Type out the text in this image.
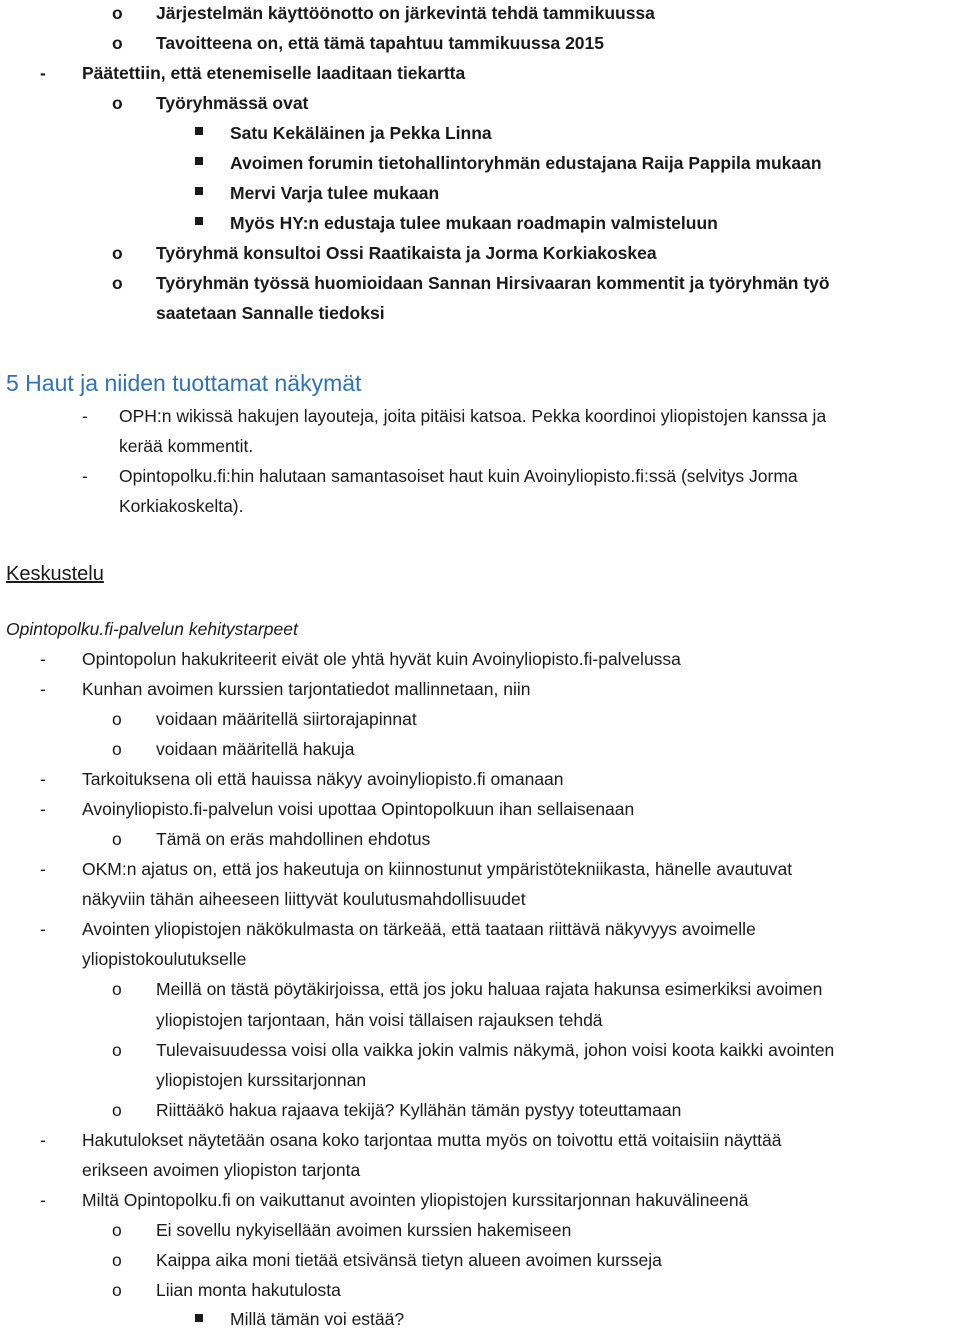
o Järjestelmän käyttöönotto on järkevintä tehdä tammikuussa
o Tavoitteena on, että tämä tapahtuu tammikuussa 2015
- Päätettiin, että etenemiselle laaditaan tiekartta
o Työryhmässä ovat
Satu Kekäläinen ja Pekka Linna
Avoimen forumin tietohallintoryhmän edustajana Raija Pappila mukaan
Mervi Varja tulee mukaan
Myös HY:n edustaja tulee mukaan roadmapin valmisteluun
o Työryhmä konsultoi Ossi Raatikaista ja Jorma Korkiakoskea
o Työryhmän työssä huomioidaan Sannan Hirsivaaran kommentit ja työryhmän työ
saatetaan Sannalle tiedoksi
5 Haut ja niiden tuottamat näkymät
- OPH:n wikissä hakujen layouteja, joita pitäisi katsoa. Pekka koordinoi yliopistojen kanssa ja
kerää kommentit.
- Opintopolku.fi:hin halutaan samantasoiset haut kuin Avoinyliopisto.fi:ssä (selvitys Jorma
Korkiakoskelta).
Keskustelu
Opintopolku.fi-palvelun kehitystarpeet
- Opintopolun hakukriteerit eivät ole yhtä hyvät kuin Avoinyliopisto.fi-palvelussa
- Kunhan avoimen kurssien tarjontatiedot mallinnetaan, niin
o voidaan määritellä siirtorajapinnat
o voidaan määritellä hakuja
- Tarkoituksena oli että hauissa näkyy avoinyliopisto.fi omanaan
- Avoinyliopisto.fi-palvelun voisi upottaa Opintopolkuun ihan sellaisenaan
o Tämä on eräs mahdollinen ehdotus
- OKM:n ajatus on, että jos hakeutuja on kiinnostunut ympäristötekniikasta, hänelle avautuvat
näkyviin tähän aiheeseen liittyvät koulutusmahdollisuudet
- Avointen yliopistojen näkökulmasta on tärkeää, että taataan riittävä näkyvyys avoimelle
yliopistokoulutukselle
o Meillä on tästä pöytäkirjoissa, että jos joku haluaa rajata hakunsa esimerkiksi avoimen
yliopistojen tarjontaan, hän voisi tällaisen rajauksen tehdä
o Tulevaisuudessa voisi olla vaikka jokin valmis näkymä, johon voisi koota kaikki avointen
yliopistojen kurssitarjonnan
o Riittääkö hakua rajaava tekijä? Kyllähän tämän pystyy toteuttamaan
- Hakutulokset näytetään osana koko tarjontaa mutta myös on toivottu että voitaisiin näyttää
erikseen avoimen yliopiston tarjonta
- Miltä Opintopolku.fi on vaikuttanut avointen yliopistojen kurssitarjonnan hakuvälineenä
o Ei sovellu nykyisellään avoimen kurssien hakemiseen
o Kaippa aika moni tietää etsivänsä tietyn alueen avoimen kursseja
o Liian monta hakutulosta
Millä tämän voi estää?
